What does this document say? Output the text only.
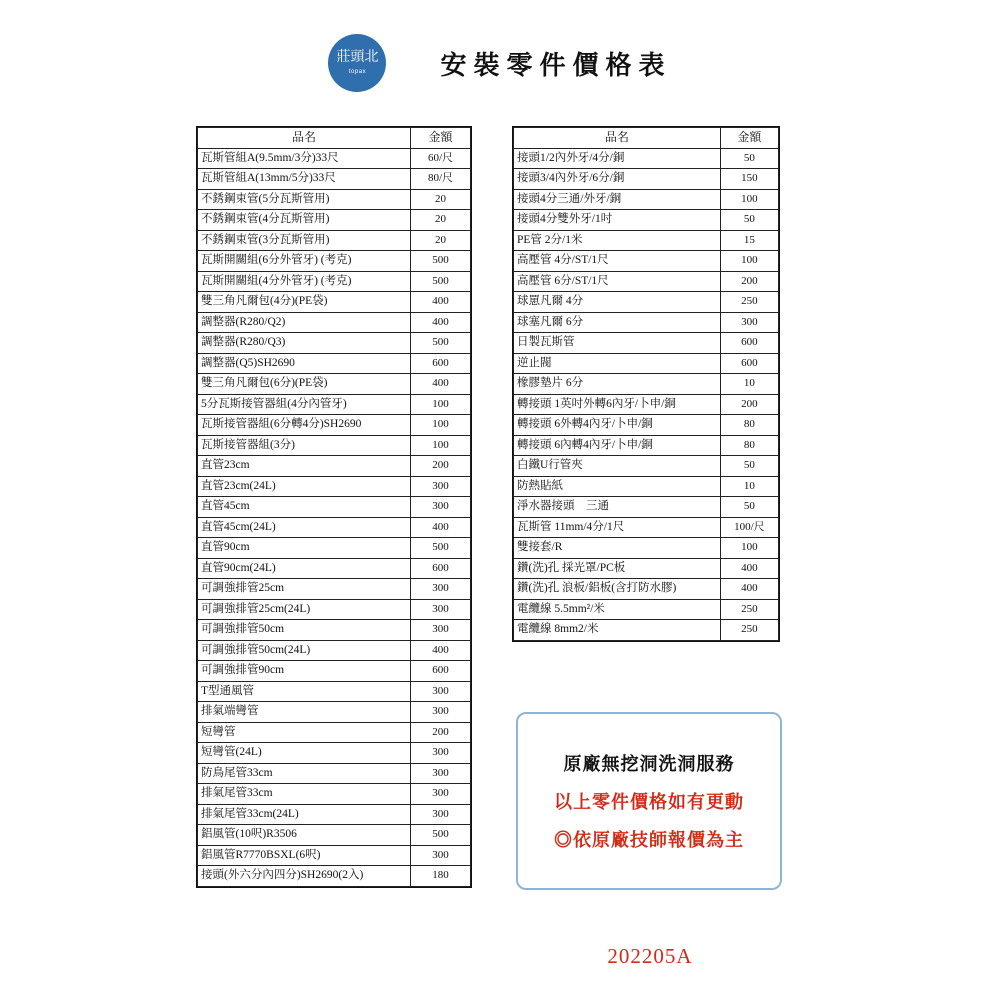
莊頭北
topax	安裝零件價格表
品名	金額
瓦斯管組A(9.5mm/3分)33尺	60/尺
瓦斯管組A(13mm/5分)33尺	80/尺
不銹鋼束管(5分瓦斯管用)	20
不銹鋼束管(4分瓦斯管用)	20
不銹鋼束管(3分瓦斯管用)	20
瓦斯開關組(6分外管牙) (考克)	500
瓦斯開關組(4分外管牙) (考克)	500
雙三角凡爾包(4分)(PE袋)	400
調整器(R280/Q2)	400
調整器(R280/Q3)	500
調整器(Q5)SH2690	600
雙三角凡爾包(6分)(PE袋)	400
5分瓦斯接管器組(4分內管牙)	100
瓦斯接管器組(6分轉4分)SH2690	100
瓦斯接管器組(3分)	100
直管23cm	200
直管23cm(24L)	300
直管45cm	300
直管45cm(24L)	400
直管90cm	500
直管90cm(24L)	600
可調強排管25cm	300
可調強排管25cm(24L)	300
可調強排管50cm	300
可調強排管50cm(24L)	400
可調強排管90cm	600
T型通風管	300
排氣端彎管	300
短彎管	200
短彎管(24L)	300
防鳥尾管33cm	300
排氣尾管33cm	300
排氣尾管33cm(24L)	300
鋁風管(10呎)R3506	500
鋁風管R7770BSXL(6呎)	300
接頭(外六分內四分)SH2690(2入)	180
品名	金額
接頭1/2內外牙/4分/銅	50
接頭3/4內外牙/6分/銅	150
接頭4分三通/外牙/銅	100
接頭4分雙外牙/1吋	50
PE管 2分/1米	15
高壓管 4分/ST/1尺	100
高壓管 6分/ST/1尺	200
球罳凡爾 4分	250
球塞凡爾 6分	300
日製瓦斯管	600
逆止閥	600
橡膠墊片 6分	10
轉接頭 1英吋外轉6內牙/卜申/銅	200
轉接頭 6外轉4內牙/卜申/銅	80
轉接頭 6內轉4內牙/卜申/銅	80
白鐵U行管夾	50
防熱貼紙	10
淨水器接頭　三通	50
瓦斯管 11mm/4分/1尺	100/尺
雙接套/R	100
鑽(洗)孔 採光罩/PC板	400
鑽(洗)孔 浪板/鋁板(含打防水膠)	400
電纜線 5.5mm²/米	250
電纜線 8mm2/米	250
原廠無挖洞洗洞服務
以上零件價格如有更動
◎依原廠技師報價為主
202205A
